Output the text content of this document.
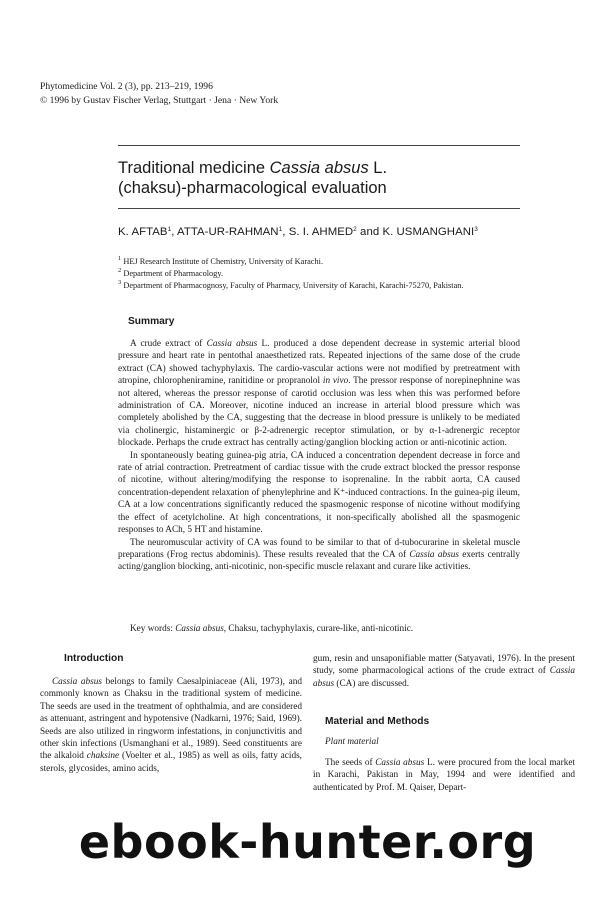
Phytomedicine Vol. 2 (3), pp. 213–219, 1996
© 1996 by Gustav Fischer Verlag, Stuttgart · Jena · New York
Traditional medicine Cassia absus L.
(chaksu)-pharmacological evaluation
K. AFTAB$^1$, ATTA-UR-RAHMAN$^1$, S. I. AHMED$^2$ and K. USMANGHANI$^3$
$^1$ HEJ Research Institute of Chemistry, University of Karachi.
$^2$ Department of Pharmacology.
$^3$ Department of Pharmacognosy, Faculty of Pharmacy, University of Karachi, Karachi-75270, Pakistan.
Summary

A crude extract of Cassia absus L. produced a dose dependent decrease in systemic arterial blood pressure and heart rate in pentothal anaesthetized rats. Repeated injections of the same dose of the crude extract (CA) showed tachyphylaxis. The cardio-vascular actions were not modified by pretreatment with atropine, chloropheniramine, ranitidine or propranolol in vivo. The pressor response of norepinephnine was not altered, whereas the pressor response of carotid occlusion was less when this was performed before administration of CA. Moreover, nicotine induced an increase in arterial blood pressure which was completely abolished by the CA, suggesting that the decrease in blood pressure is unlikely to be mediated via cholinergic, histaminergic or β-2-adrenergic receptor stimulation, or by α-1-adrenergic receptor blockade. Perhaps the crude extract has centrally acting/ganglion blocking action or anti-nicotinic action.

In spontaneously beating guinea-pig atria, CA induced a concentration dependent decrease in force and rate of atrial contraction. Pretreatment of cardiac tissue with the crude extract blocked the pressor response of nicotine, without altering/modifying the response to isoprenaline. In the rabbit aorta, CA caused concentration-dependent relaxation of phenylephrine and K⁺-induced contractions. In the guinea-pig ileum, CA at a low concentrations significantly reduced the spasmogenic response of nicotine without modifying the effect of acetylcholine. At high concentrations, it non-specifically abolished all the spasmogenic responses to ACh, 5 HT and histamine.

The neuromuscular activity of CA was found to be similar to that of d-tubocurarine in skeletal muscle preparations (Frog rectus abdominis). These results revealed that the CA of Cassia absus exerts centrally acting/ganglion blocking, anti-nicotinic, non-specific muscle relaxant and curare like activities.

Key words: Cassia absus, Chaksu, tachyphylaxis, curare-like, anti-nicotinic.
Introduction

Cassia absus belongs to family Caesalpiniaceae (Ali, 1973), and commonly known as Chaksu in the traditional system of medicine. The seeds are used in the treatment of ophthalmia, and are considered as attenuant, astringent and hypotensive (Nadkarni, 1976; Said, 1969). Seeds are also utilized in ringworm infestations, in conjunctivitis and other skin infections (Usmanghani et al., 1989). Seed constituents are the alkaloid chaksine (Voelter et al., 1985) as well as oils, fatty acids, sterols, glycosides, amino acids,

gum, resin and unsaponifiable matter (Satyavati, 1976). In the present study, some pharmacological actions of the crude extract of Cassia absus (CA) are discussed.

Material and Methods
Plant material

The seeds of Cassia absus L. were procured from the local market in Karachi, Pakistan in May, 1994 and were identified and authenticated by Prof. M. Qaiser, Depart-

ebook-hunter.org
